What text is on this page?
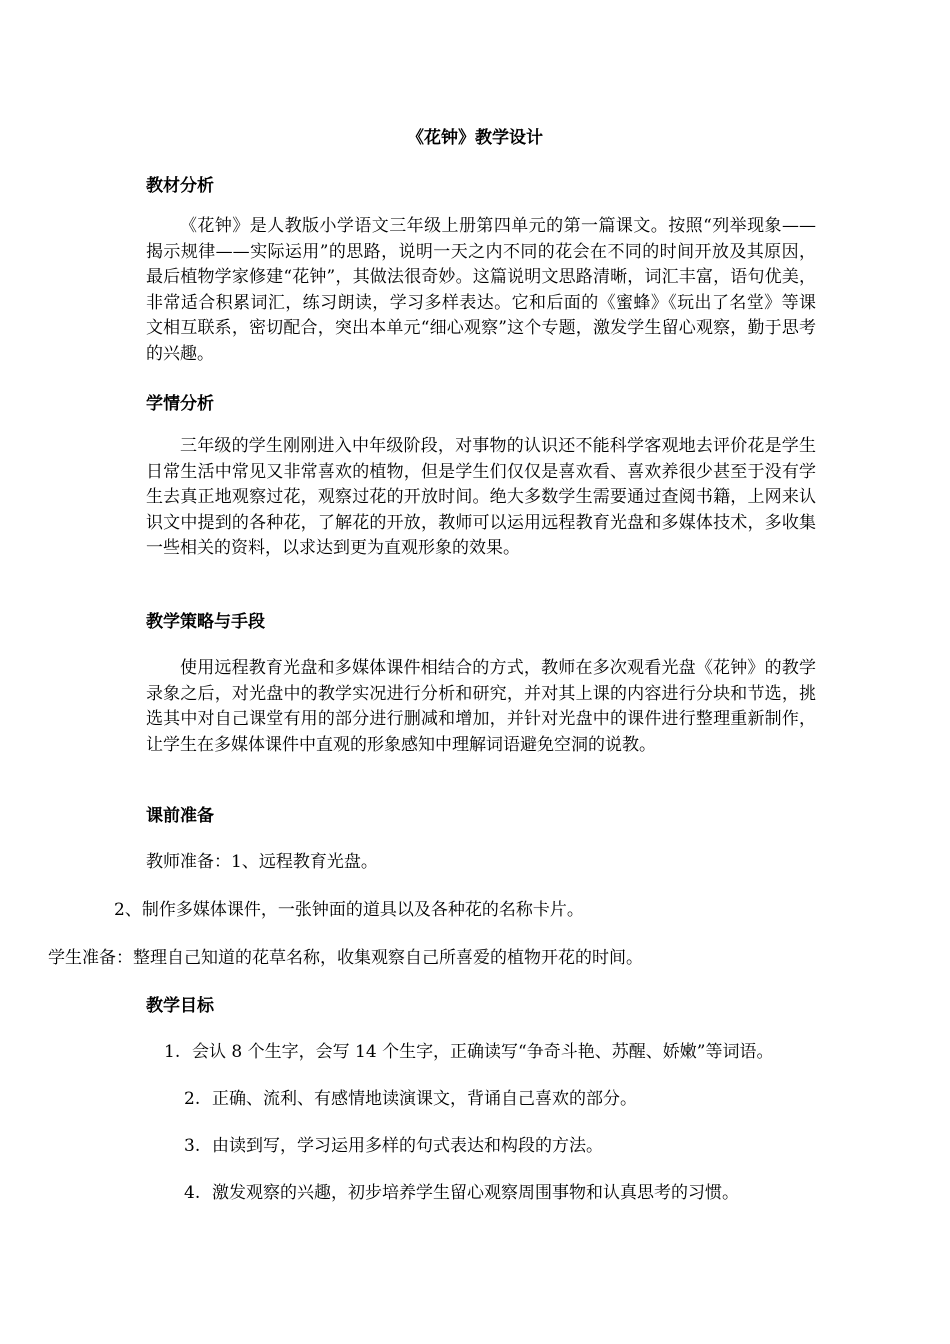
《花钟》教学设计
教材分析
《花钟》是人教版小学语文三年级上册第四单元的第一篇课文。按照“列举现象——揭示规律——实际运用”的思路，说明一天之内不同的花会在不同的时间开放及其原因，最后植物学家修建“花钟”，其做法很奇妙。这篇说明文思路清晰，词汇丰富，语句优美，非常适合积累词汇，练习朗读，学习多样表达。它和后面的《蜜蜂》《玩出了名堂》等课文相互联系，密切配合，突出本单元“细心观察”这个专题，激发学生留心观察，勤于思考的兴趣。
学情分析
三年级的学生刚刚进入中年级阶段，对事物的认识还不能科学客观地去评价花是学生日常生活中常见又非常喜欢的植物，但是学生们仅仅是喜欢看、喜欢养很少甚至于没有学生去真正地观察过花，观察过花的开放时间。绝大多数学生需要通过查阅书籍，上网来认识文中提到的各种花，了解花的开放，教师可以运用远程教育光盘和多媒体技术，多收集一些相关的资料，以求达到更为直观形象的效果。
教学策略与手段
使用远程教育光盘和多媒体课件相结合的方式，教师在多次观看光盘《花钟》的教学录象之后，对光盘中的教学实况进行分析和研究，并对其上课的内容进行分块和节选，挑选其中对自己课堂有用的部分进行删减和增加，并针对光盘中的课件进行整理重新制作，让学生在多媒体课件中直观的形象感知中理解词语避免空洞的说教。
课前准备
教师准备：1、远程教育光盘。
2、制作多媒体课件，一张钟面的道具以及各种花的名称卡片。
学生准备：整理自己知道的花草名称，收集观察自己所喜爱的植物开花的时间。
教学目标
1. 会认 8 个生字，会写 14 个生字，正确读写“争奇斗艳、苏醒、娇嫩”等词语。
2. 正确、流利、有感情地读演课文，背诵自己喜欢的部分。
3. 由读到写，学习运用多样的句式表达和构段的方法。
4. 激发观察的兴趣，初步培养学生留心观察周围事物和认真思考的习惯。
